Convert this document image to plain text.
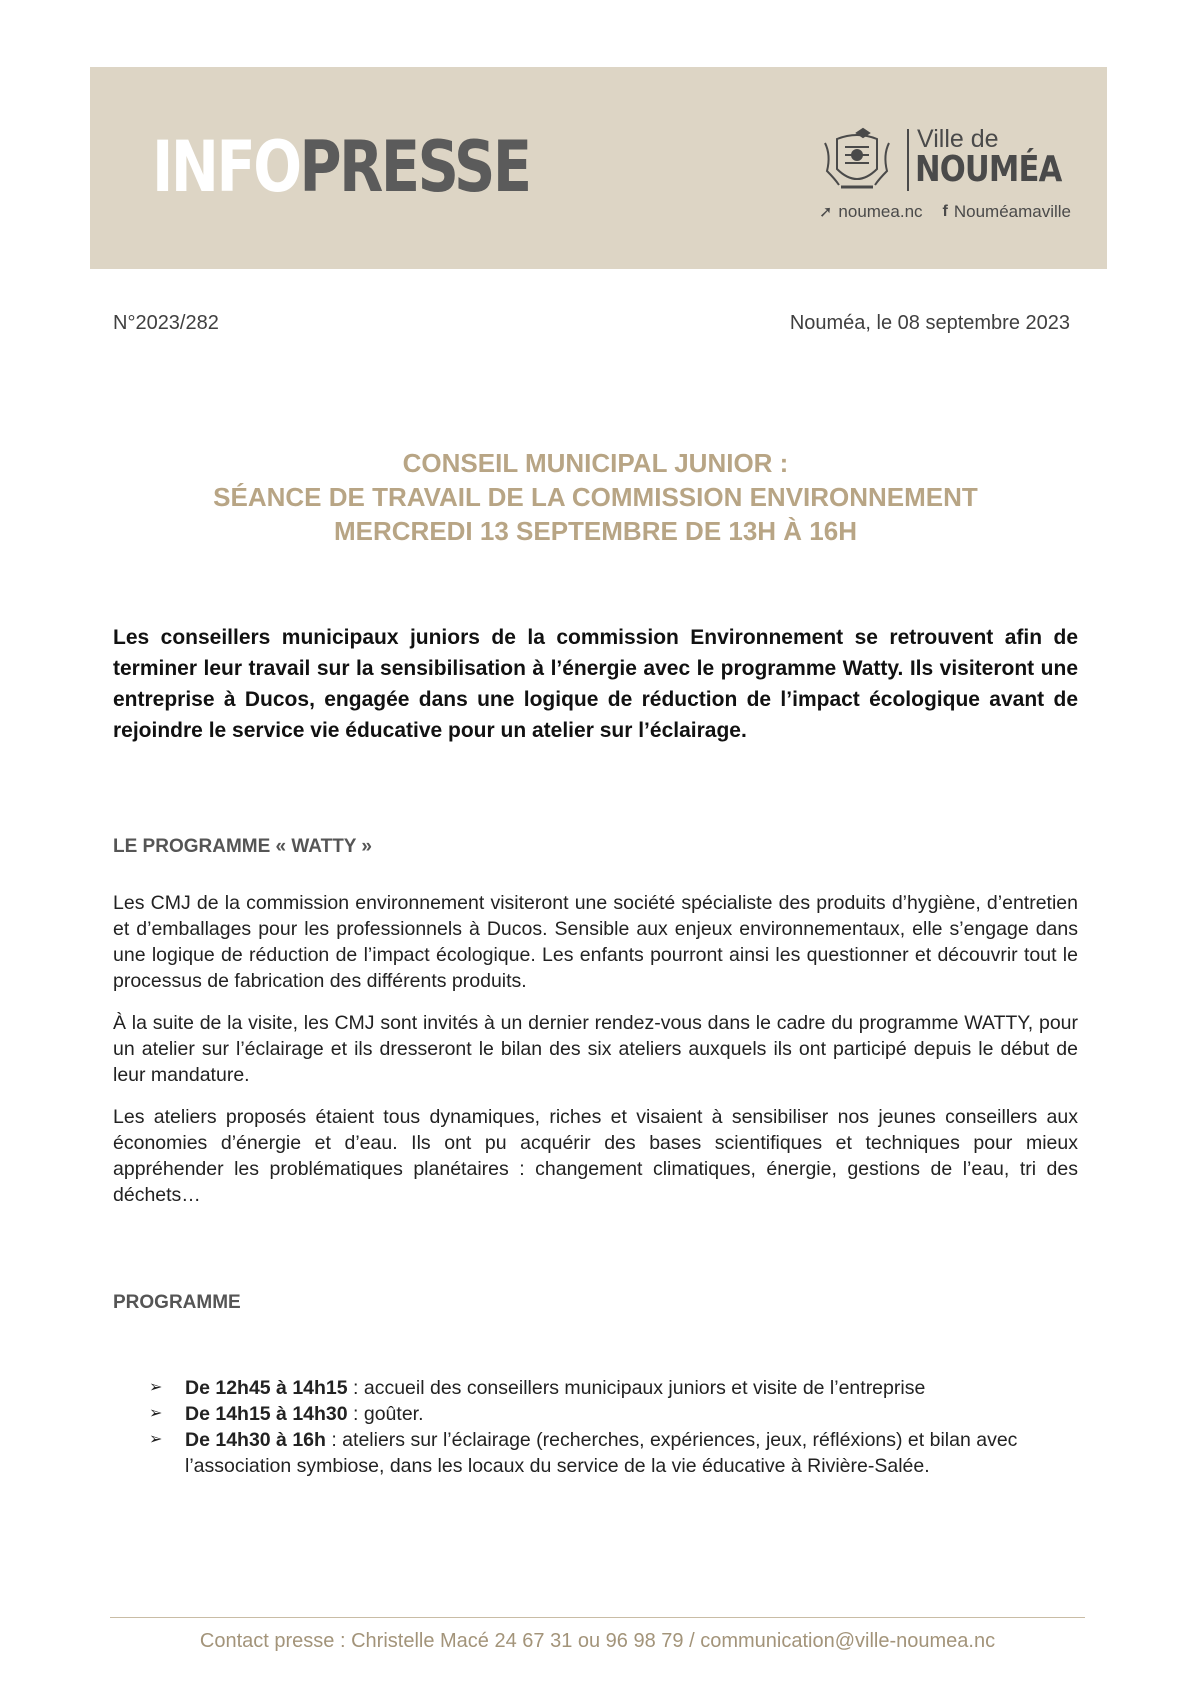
INFOPRESSE	Ville de
NOUMÉA
➚ noumea.nc f Nouméamaville
N°2023/282	Nouméa, le 08 septembre 2023
CONSEIL MUNICIPAL JUNIOR :
SÉANCE DE TRAVAIL DE LA COMMISSION ENVIRONNEMENT
MERCREDI 13 SEPTEMBRE DE 13H À 16H

Les conseillers municipaux juniors de la commission Environnement se retrouvent afin de terminer leur travail sur la sensibilisation à l’énergie avec le programme Watty. Ils visiteront une entreprise à Ducos, engagée dans une logique de réduction de l’impact écologique avant de rejoindre le service vie éducative pour un atelier sur l’éclairage.

LE PROGRAMME « WATTY »

Les CMJ de la commission environnement visiteront une société spécialiste des produits d’hygiène, d’entretien et d’emballages pour les professionnels à Ducos. Sensible aux enjeux environnementaux, elle s’engage dans une logique de réduction de l’impact écologique. Les enfants pourront ainsi les questionner et découvrir tout le processus de fabrication des différents produits.

À la suite de la visite, les CMJ sont invités à un dernier rendez-vous dans le cadre du programme WATTY, pour un atelier sur l’éclairage et ils dresseront le bilan des six ateliers auxquels ils ont participé depuis le début de leur mandature.

Les ateliers proposés étaient tous dynamiques, riches et visaient à sensibiliser nos jeunes conseillers aux économies d’énergie et d’eau. Ils ont pu acquérir des bases scientifiques et techniques pour mieux appréhender les problématiques planétaires : changement climatiques, énergie, gestions de l’eau, tri des déchets…

PROGRAMME
➢ De 12h45 à 14h15 : accueil des conseillers municipaux juniors et visite de l’entreprise
➢ De 14h15 à 14h30 : goûter.
➢ De 14h30 à 16h : ateliers sur l’éclairage (recherches, expériences, jeux, réfléxions) et bilan avec l’association symbiose, dans les locaux du service de la vie éducative à Rivière-Salée.
Contact presse : Christelle Macé 24 67 31 ou 96 98 79 / communication@ville-noumea.nc
